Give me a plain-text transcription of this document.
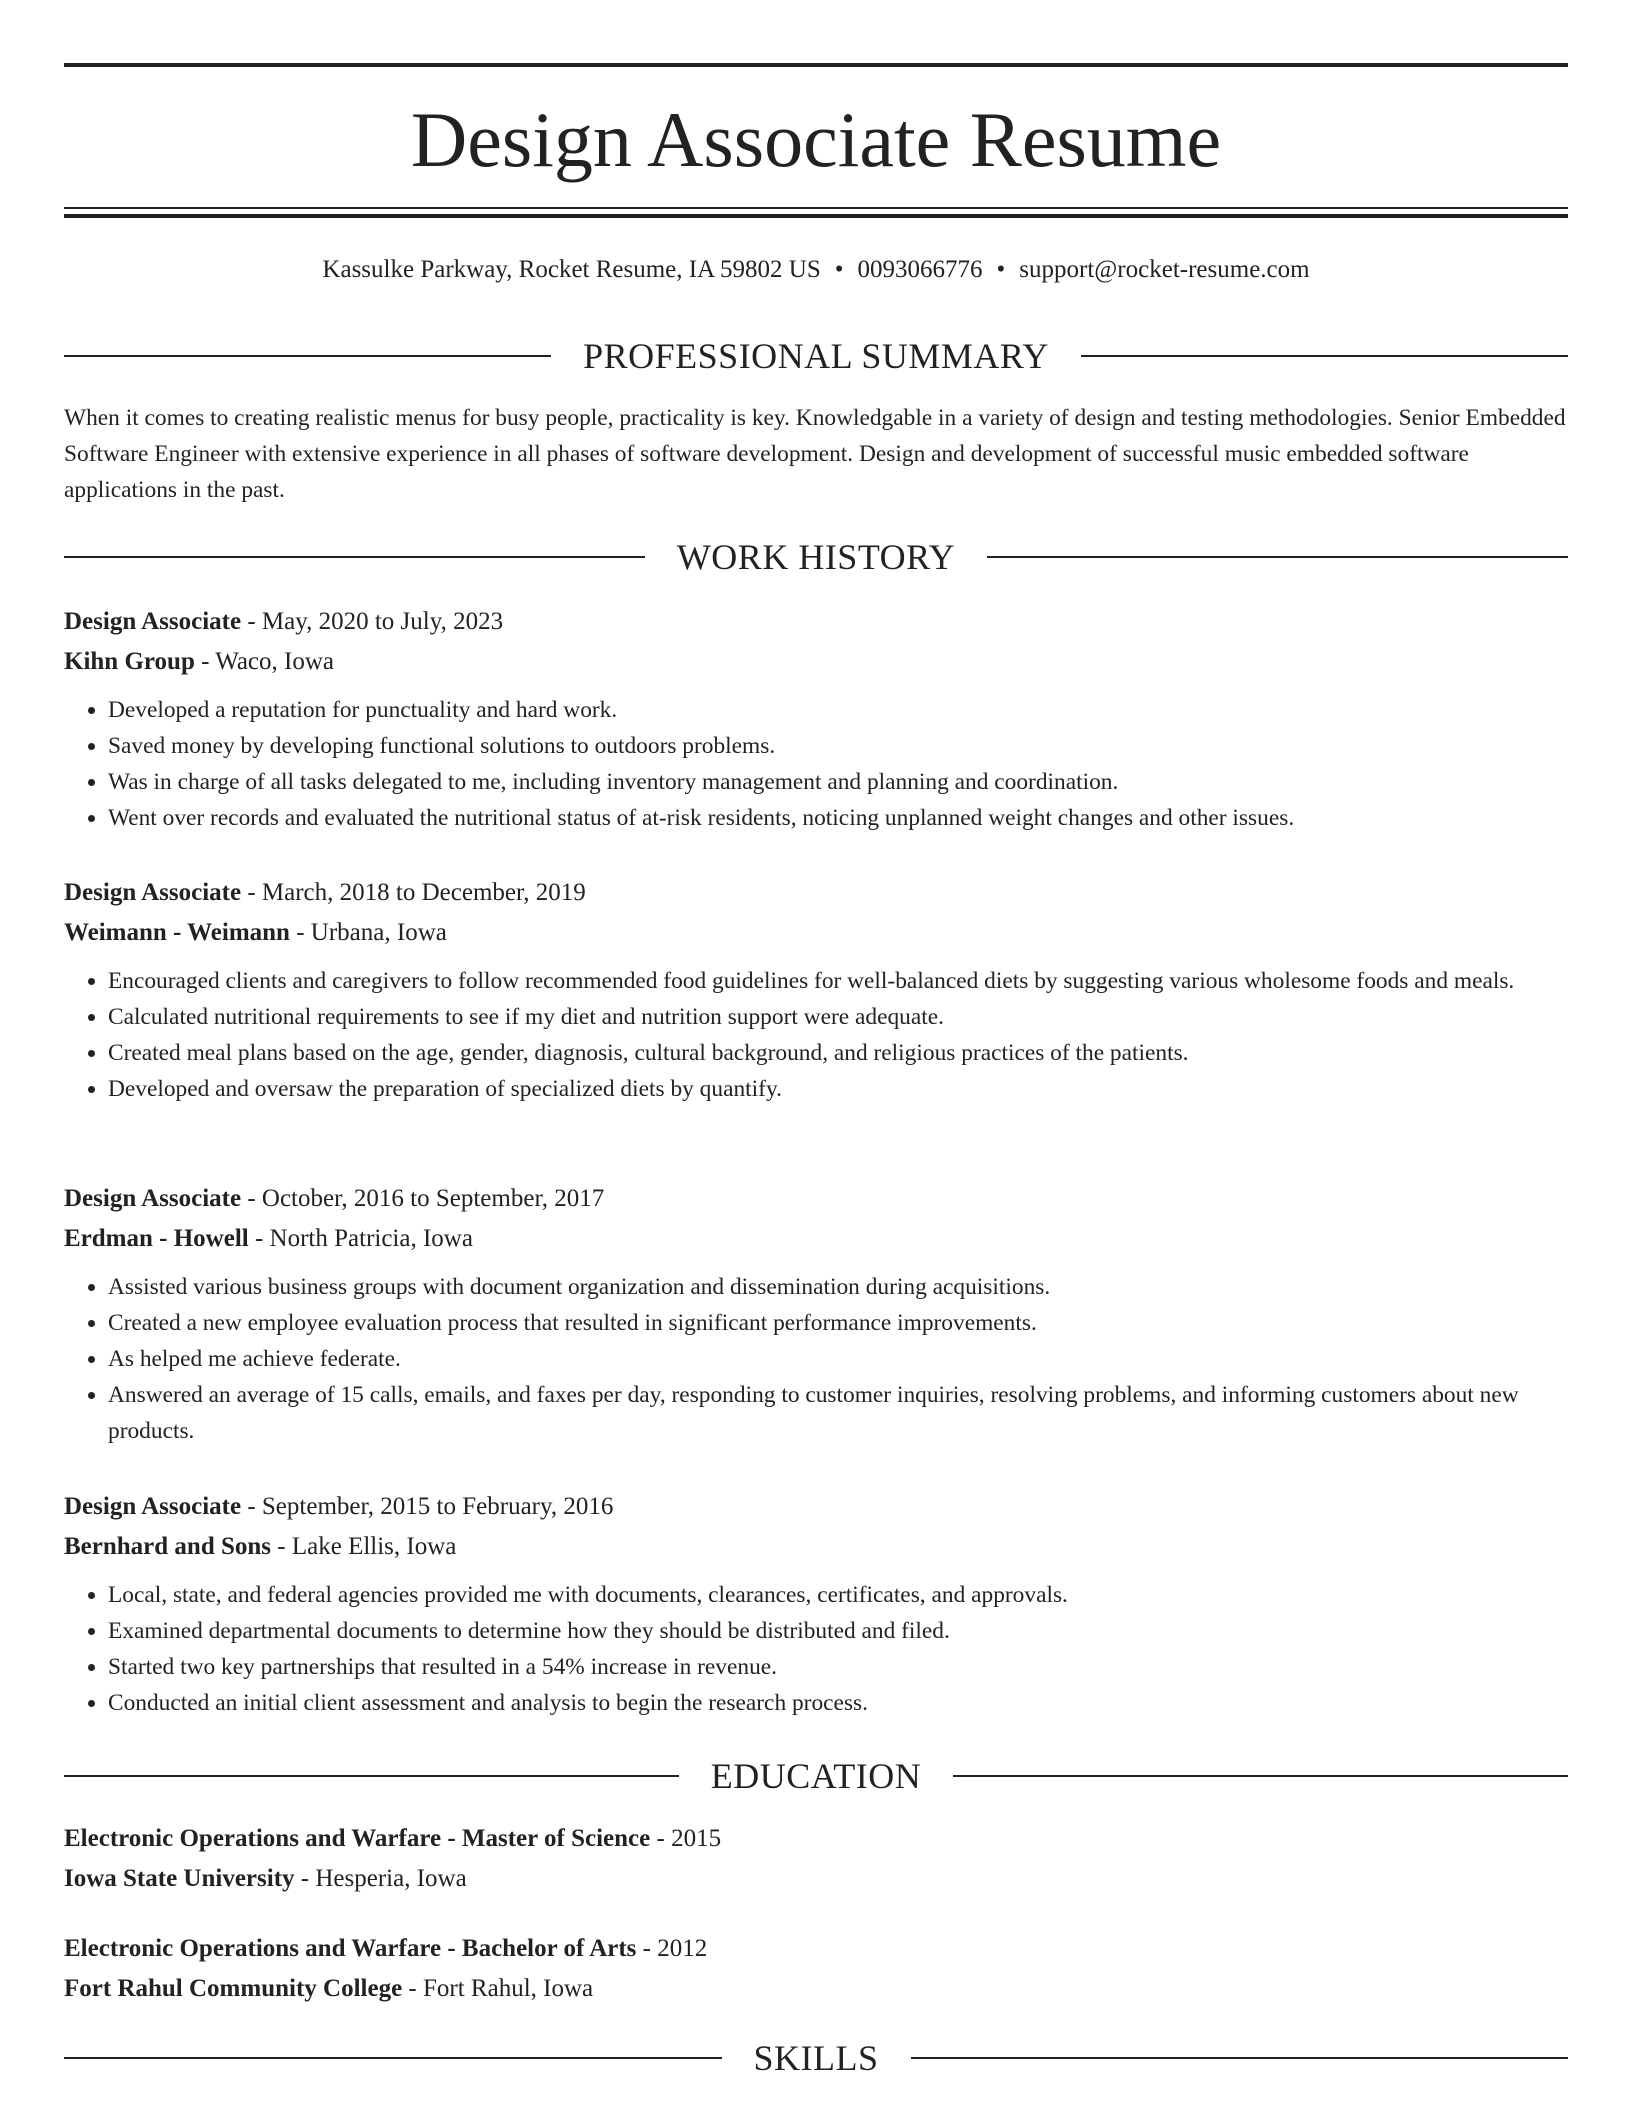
Design Associate Resume
Kassulke Parkway, Rocket Resume, IA 59802 US • 0093066776 • support@rocket-resume.com
PROFESSIONAL SUMMARY

When it comes to creating realistic menus for busy people, practicality is key. Knowledgable in a variety of design and testing methodologies. Senior Embedded Software Engineer with extensive experience in all phases of software development. Design and development of successful music embedded software applications in the past.

WORK HISTORY
Design Associate - May, 2020 to July, 2023
Kihn Group - Waco, Iowa
• Developed a reputation for punctuality and hard work.
• Saved money by developing functional solutions to outdoors problems.
• Was in charge of all tasks delegated to me, including inventory management and planning and coordination.
• Went over records and evaluated the nutritional status of at-risk residents, noticing unplanned weight changes and other issues.
Design Associate - March, 2018 to December, 2019
Weimann - Weimann - Urbana, Iowa
• Encouraged clients and caregivers to follow recommended food guidelines for well-balanced diets by suggesting various wholesome foods and meals.
• Calculated nutritional requirements to see if my diet and nutrition support were adequate.
• Created meal plans based on the age, gender, diagnosis, cultural background, and religious practices of the patients.
• Developed and oversaw the preparation of specialized diets by quantify.
Design Associate - October, 2016 to September, 2017
Erdman - Howell - North Patricia, Iowa
• Assisted various business groups with document organization and dissemination during acquisitions.
• Created a new employee evaluation process that resulted in significant performance improvements.
• As helped me achieve federate.
• Answered an average of 15 calls, emails, and faxes per day, responding to customer inquiries, resolving problems, and informing customers about new products.
Design Associate - September, 2015 to February, 2016
Bernhard and Sons - Lake Ellis, Iowa
• Local, state, and federal agencies provided me with documents, clearances, certificates, and approvals.
• Examined departmental documents to determine how they should be distributed and filed.
• Started two key partnerships that resulted in a 54% increase in revenue.
• Conducted an initial client assessment and analysis to begin the research process.
EDUCATION
Electronic Operations and Warfare - Master of Science - 2015
Iowa State University - Hesperia, Iowa
Electronic Operations and Warfare - Bachelor of Arts - 2012
Fort Rahul Community College - Fort Rahul, Iowa
SKILLS
